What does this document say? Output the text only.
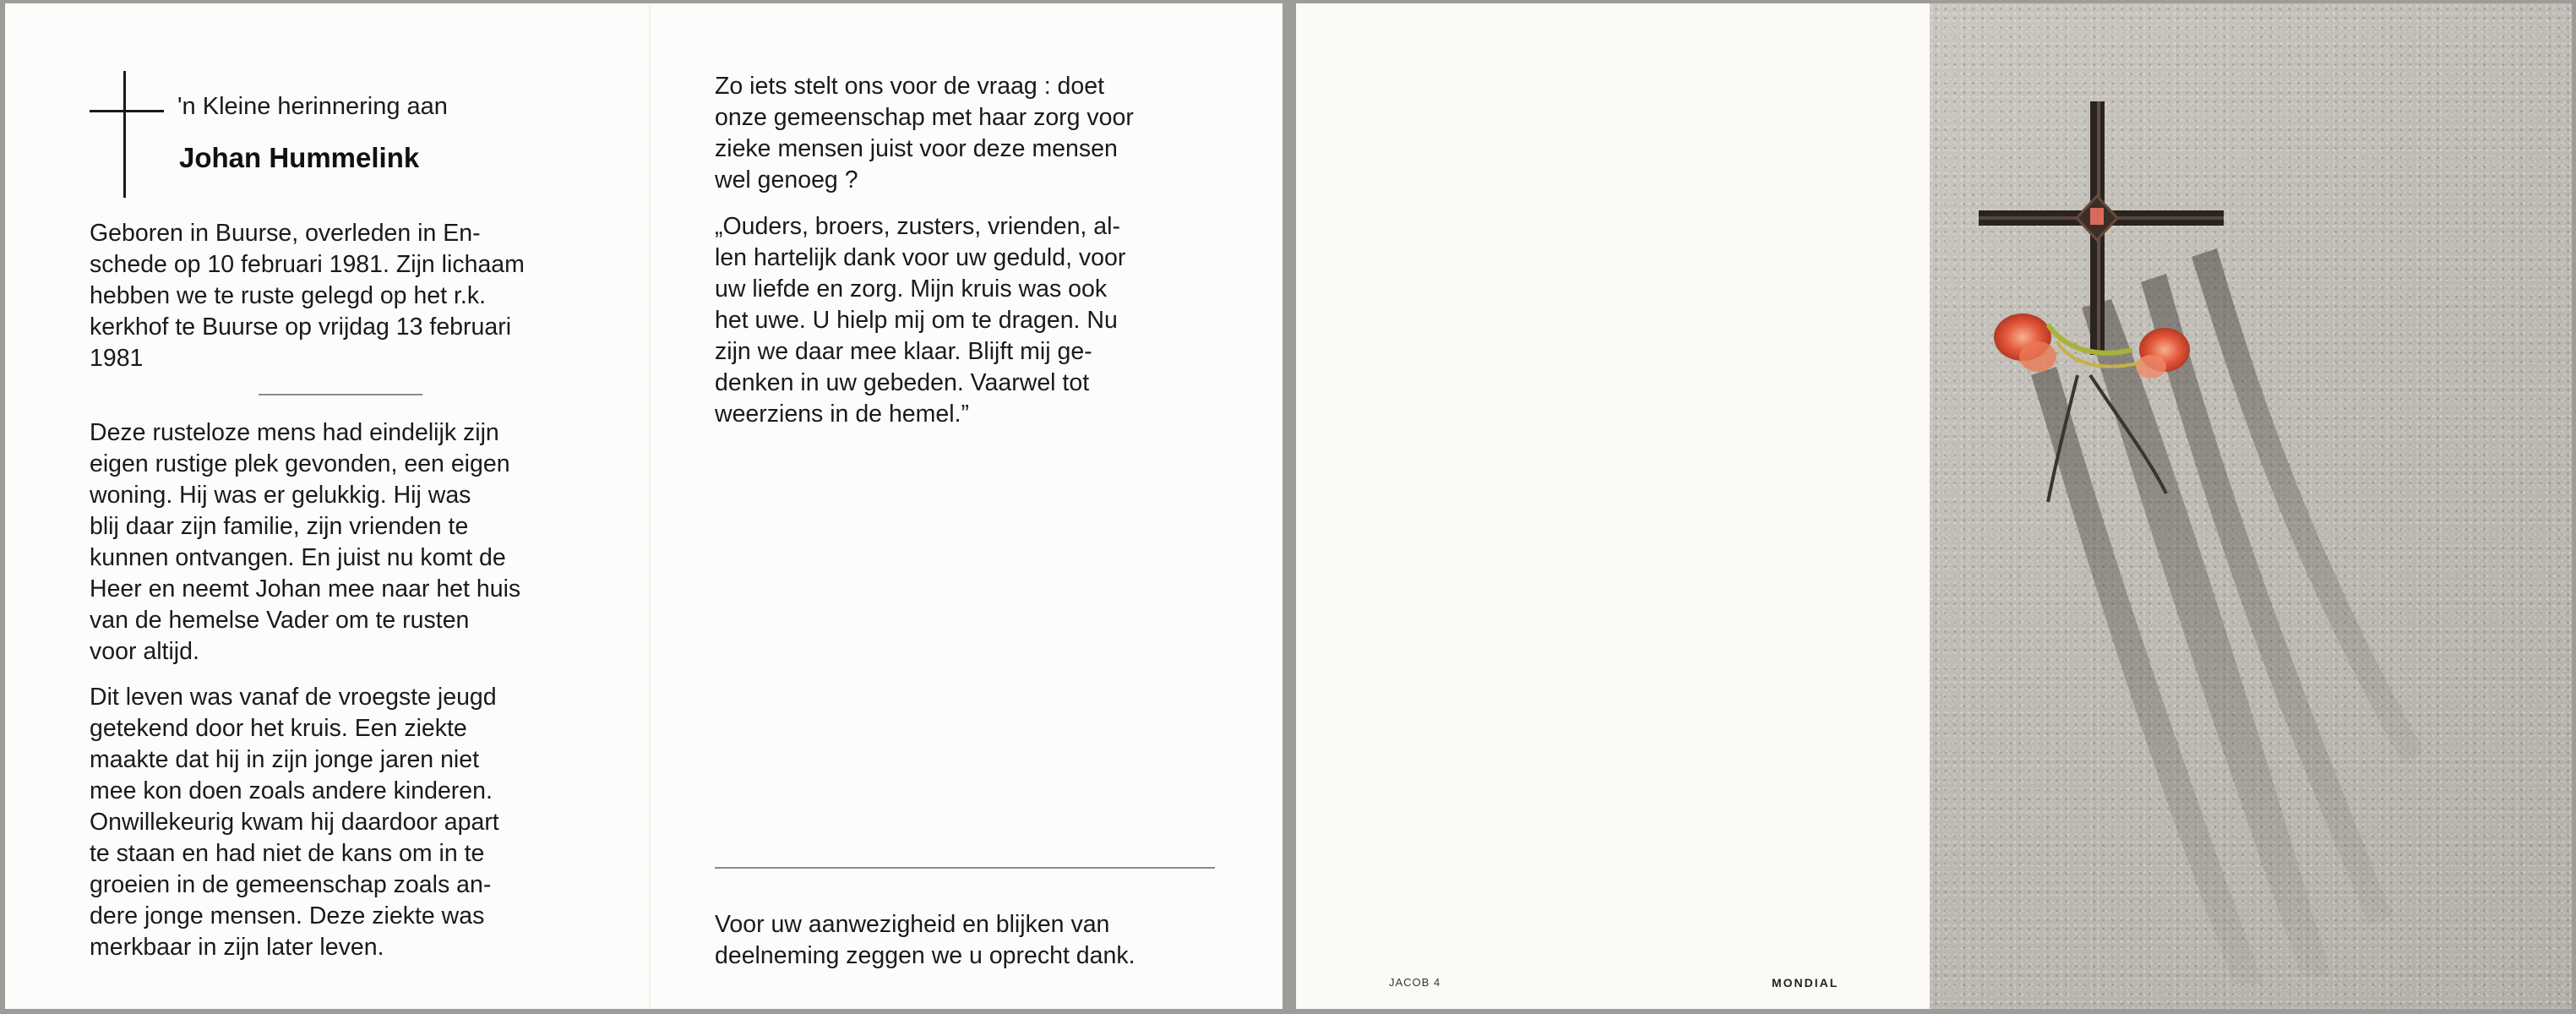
'n Kleine herinnering aan
Johan Hummelink

Geboren in Buurse, overleden in En-

schede op 10 februari 1981. Zijn lichaam

hebben we te ruste gelegd op het r.k.

kerkhof te Buurse op vrijdag 13 februari

1981

Deze rusteloze mens had eindelijk zijn

eigen rustige plek gevonden, een eigen

woning. Hij was er gelukkig. Hij was

blij daar zijn familie, zijn vrienden te

kunnen ontvangen. En juist nu komt de

Heer en neemt Johan mee naar het huis

van de hemelse Vader om te rusten

voor altijd.

Dit leven was vanaf de vroegste jeugd

getekend door het kruis. Een ziekte

maakte dat hij in zijn jonge jaren niet

mee kon doen zoals andere kinderen.

Onwillekeurig kwam hij daardoor apart

te staan en had niet de kans om in te

groeien in de gemeenschap zoals an-

dere jonge mensen. Deze ziekte was

merkbaar in zijn later leven.

Zo iets stelt ons voor de vraag : doet

onze gemeenschap met haar zorg voor

zieke mensen juist voor deze mensen

wel genoeg ?

„Ouders, broers, zusters, vrienden, al-

len hartelijk dank voor uw geduld, voor

uw liefde en zorg. Mijn kruis was ook

het uwe. U hielp mij om te dragen. Nu

zijn we daar mee klaar. Blijft mij ge-

denken in uw gebeden. Vaarwel tot

weerziens in de hemel.”

Voor uw aanwezigheid en blijken van

deelneming zeggen we u oprecht dank.

JACOB 4	MONDIAL
